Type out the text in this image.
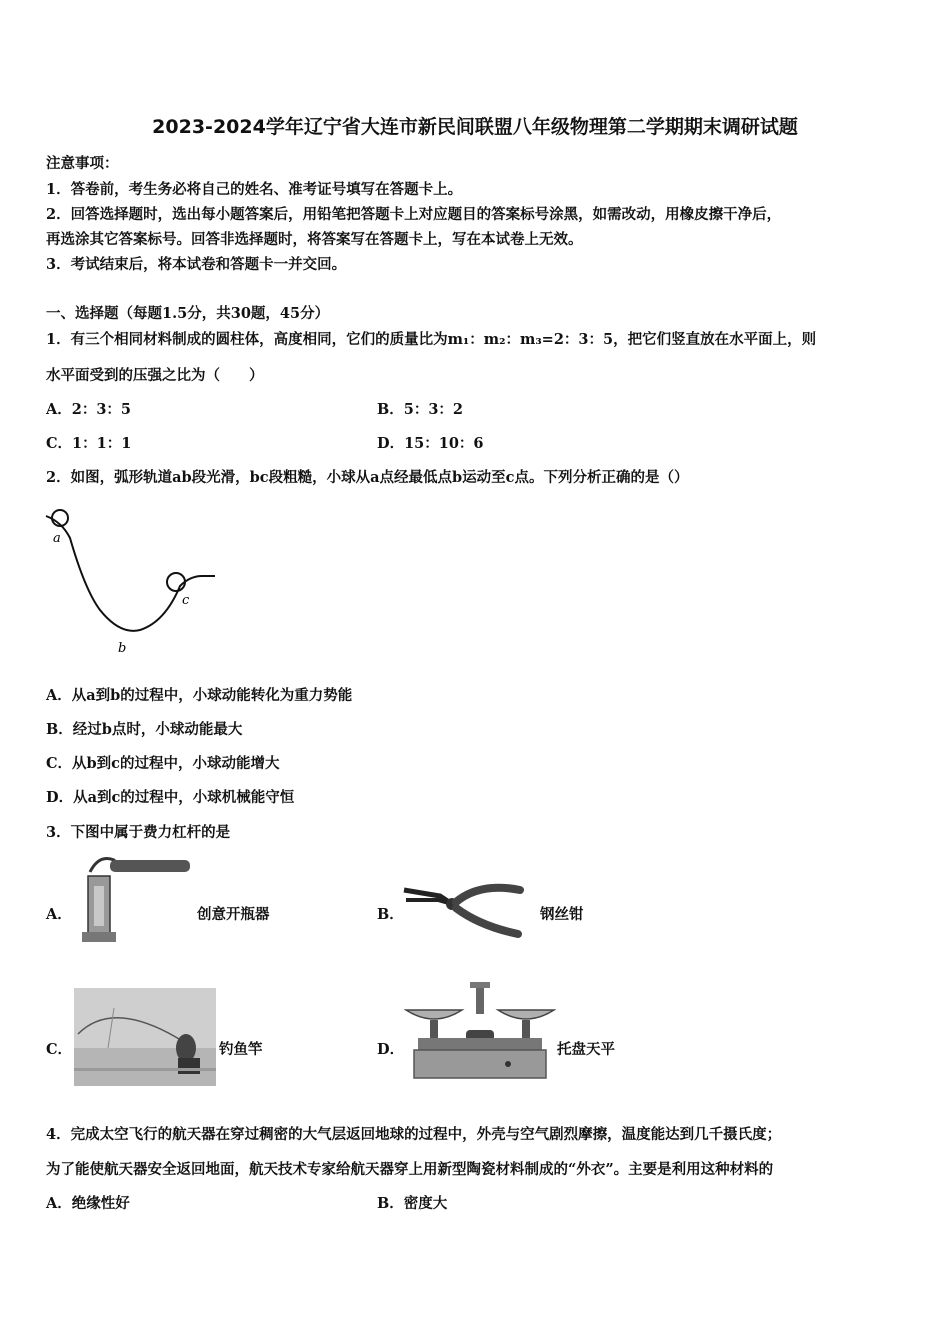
2023-2024学年辽宁省大连市新民间联盟八年级物理第二学期期末调研试题
注意事项：
1．答卷前，考生务必将自己的姓名、准考证号填写在答题卡上。
2．回答选择题时，选出每小题答案后，用铅笔把答题卡上对应题目的答案标号涂黑，如需改动，用橡皮擦干净后，
再选涂其它答案标号。回答非选择题时，将答案写在答题卡上，写在本试卷上无效。
3．考试结束后，将本试卷和答题卡一并交回。
一、选择题（每题1.5分，共30题，45分）
1．有三个相同材料制成的圆柱体，高度相同，它们的质量比为m₁：m₂：m₃=2：3：5，把它们竖直放在水平面上，则
水平面受到的压强之比为（　　）
A．2：3：5	B．5：3：2
C．1：1：1	D．15：10：6
2．如图，弧形轨道ab段光滑，bc段粗糙，小球从a点经最低点b运动至c点。下列分析正确的是（）
a
b
c
A．从a到b的过程中，小球动能转化为重力势能
B．经过b点时，小球动能最大
C．从b到c的过程中，小球动能增大
D．从a到c的过程中，小球机械能守恒
3．下图中属于费力杠杆的是
A．	创意开瓶器	B．	钢丝钳
C．	钓鱼竿	D．	托盘天平
4．完成太空飞行的航天器在穿过稠密的大气层返回地球的过程中，外壳与空气剧烈摩擦，温度能达到几千摄氏度；
为了能使航天器安全返回地面，航天技术专家给航天器穿上用新型陶瓷材料制成的“外衣”。主要是利用这种材料的
A．绝缘性好	B．密度大
